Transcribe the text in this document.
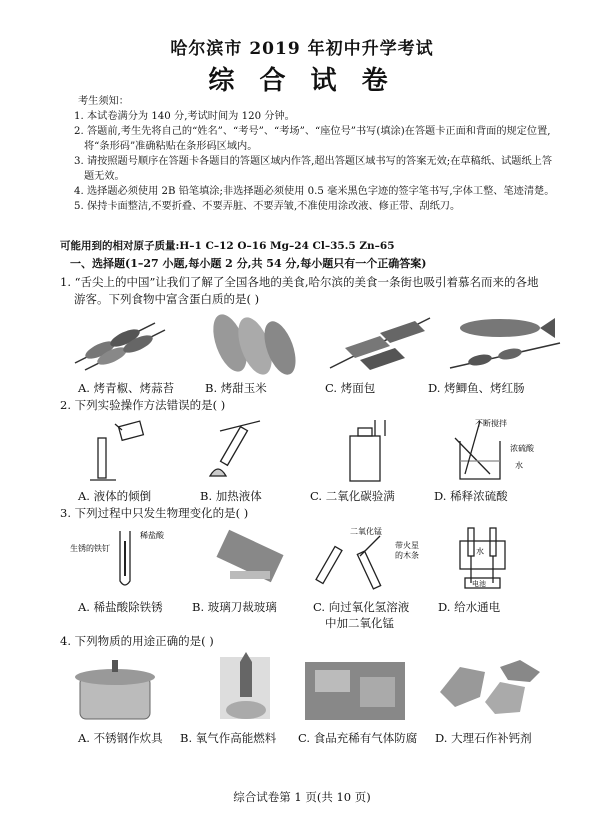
哈尔滨市 2019 年初中升学考试
综 合 试 卷

考生须知：

1. 本试卷满分为 140 分,考试时间为 120 分钟。

2. 答题前,考生先将自己的“姓名”、“考号”、“考场”、“座位号”书写(填涂)在答题卡正面和背面的规定位置,将“条形码”准确粘贴在条形码区域内。

3. 请按照题号顺序在答题卡各题目的答题区域内作答,超出答题区域书写的答案无效;在草稿纸、试题纸上答题无效。

4. 选择题必须使用 2B 铅笔填涂;非选择题必须使用 0.5 毫米黑色字迹的签字笔书写,字体工整、笔迹清楚。

5. 保持卡面整洁,不要折叠、不要弄脏、不要弄皱,不准使用涂改液、修正带、刮纸刀。

可能用到的相对原子质量:H–1 C–12 O–16 Mg–24 Cl–35.5 Zn–65
一、选择题(1–27 小题,每小题 2 分,共 54 分,每小题只有一个正确答案)
1. “舌尖上的中国”让我们了解了全国各地的美食,哈尔滨的美食一条街也吸引着慕名而来的各地
游客。下列食物中富含蛋白质的是( )
A. 烤青椒、烤蒜苔	B. 烤甜玉米	C. 烤面包	D. 烤鲫鱼、烤红肠
2. 下列实验操作方法错误的是( )
不断搅拌
浓硫酸
水
A. 液体的倾倒	B. 加热液体	C. 二氧化碳验满	D. 稀释浓硫酸
3. 下列过程中只发生物理变化的是( )
稀盐酸
生锈的铁钉
二氧化锰
带火星
的木条	水
电池
A. 稀盐酸除铁锈	B. 玻璃刀裁玻璃	C. 向过氧化氢溶液
中加二氧化锰
D. 给水通电
4. 下列物质的用途正确的是( )
A. 不锈钢作炊具 B. 氧气作高能燃料 C. 食品充稀有气体防腐 D. 大理石作补钙剂
综合试卷第 1 页(共 10 页)
